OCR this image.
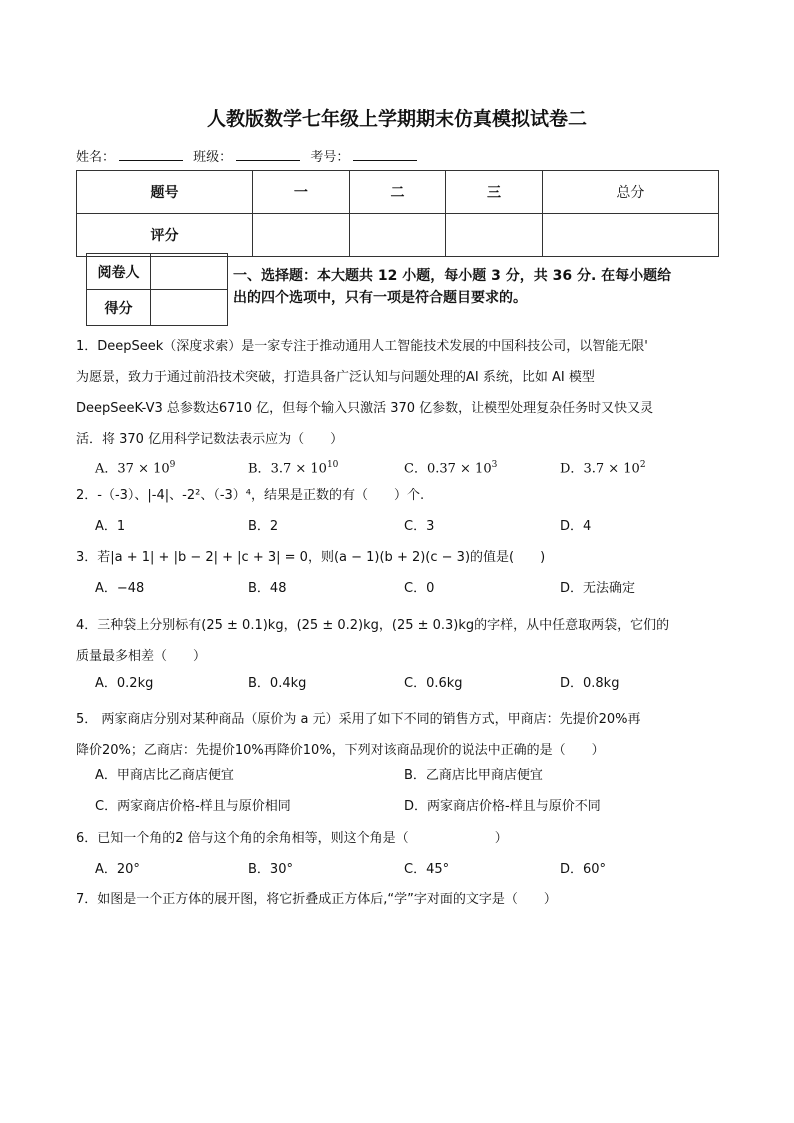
人教版数学七年级上学期期末仿真模拟试卷二
姓名：	班级：	考号：
题号	一	二	三	总分
评分				
阅卷人	
得分	
一、选择题：本大题共 12 小题，每小题 3 分，共 36 分. 在每小题给
出的四个选项中，只有一项是符合题目要求的。
1．DeepSeek（深度求索）是一家专注于推动通用人工智能技术发展的中国科技公司，以智能无限'
为愿景，致力于通过前沿技术突破，打造具备广泛认知与问题处理的AI 系统，比如 AI 模型
DeepSeeK-V3 总参数达6710 亿，但每个输入只激活 370 亿参数，让模型处理复杂任务时又快又灵
活．将 370 亿用科学记数法表示应为（　　）
A．$37 \times 10^9$	B．$3.7 \times 10^{10}$	C．$0.37 \times 10^3$	D．$3.7 \times 10^2$
2．-（-3）、|-4|、-2²、（-3）⁴，结果是正数的有（　　）个.
A．1	B．2	C．3	D．4
3．若|a + 1| + |b − 2| + |c + 3| = 0，则(a − 1)(b + 2)(c − 3)的值是(　　)
A．−48	B．48	C．0	D．无法确定
4．三种袋上分别标有(25 ± 0.1)kg，(25 ± 0.2)kg，(25 ± 0.3)kg的字样，从中任意取两袋，它们的
质量最多相差（　　）
A．0.2kg	B．0.4kg	C．0.6kg	D．0.8kg
5． 两家商店分别对某种商品（原价为 a 元）采用了如下不同的销售方式，甲商店：先提价20%再
降价20%；乙商店：先提价10%再降价10%，下列对该商品现价的说法中正确的是（　　）
A．甲商店比乙商店便宜	B．乙商店比甲商店便宜
C．两家商店价格-样且与原价相同	D．两家商店价格-样且与原价不同
6．已知一个角的2 倍与这个角的余角相等，则这个角是（	）
A．20°	B．30°	C．45°	D．60°
7．如图是一个正方体的展开图，将它折叠成正方体后,“学”字对面的文字是（　　）
